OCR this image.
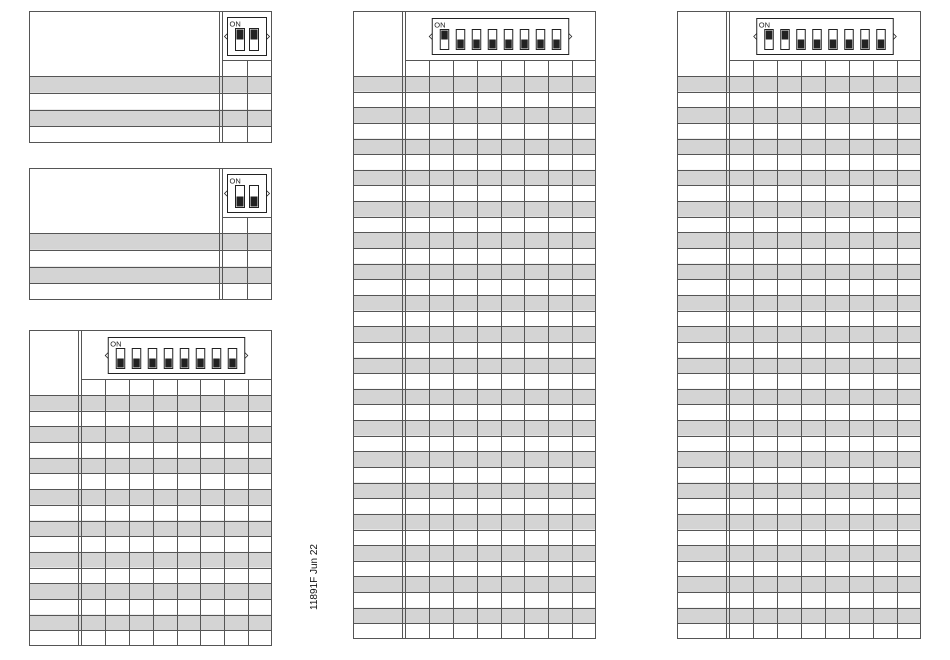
ON
ON
ON
ON	ON
11891F Jun 22
